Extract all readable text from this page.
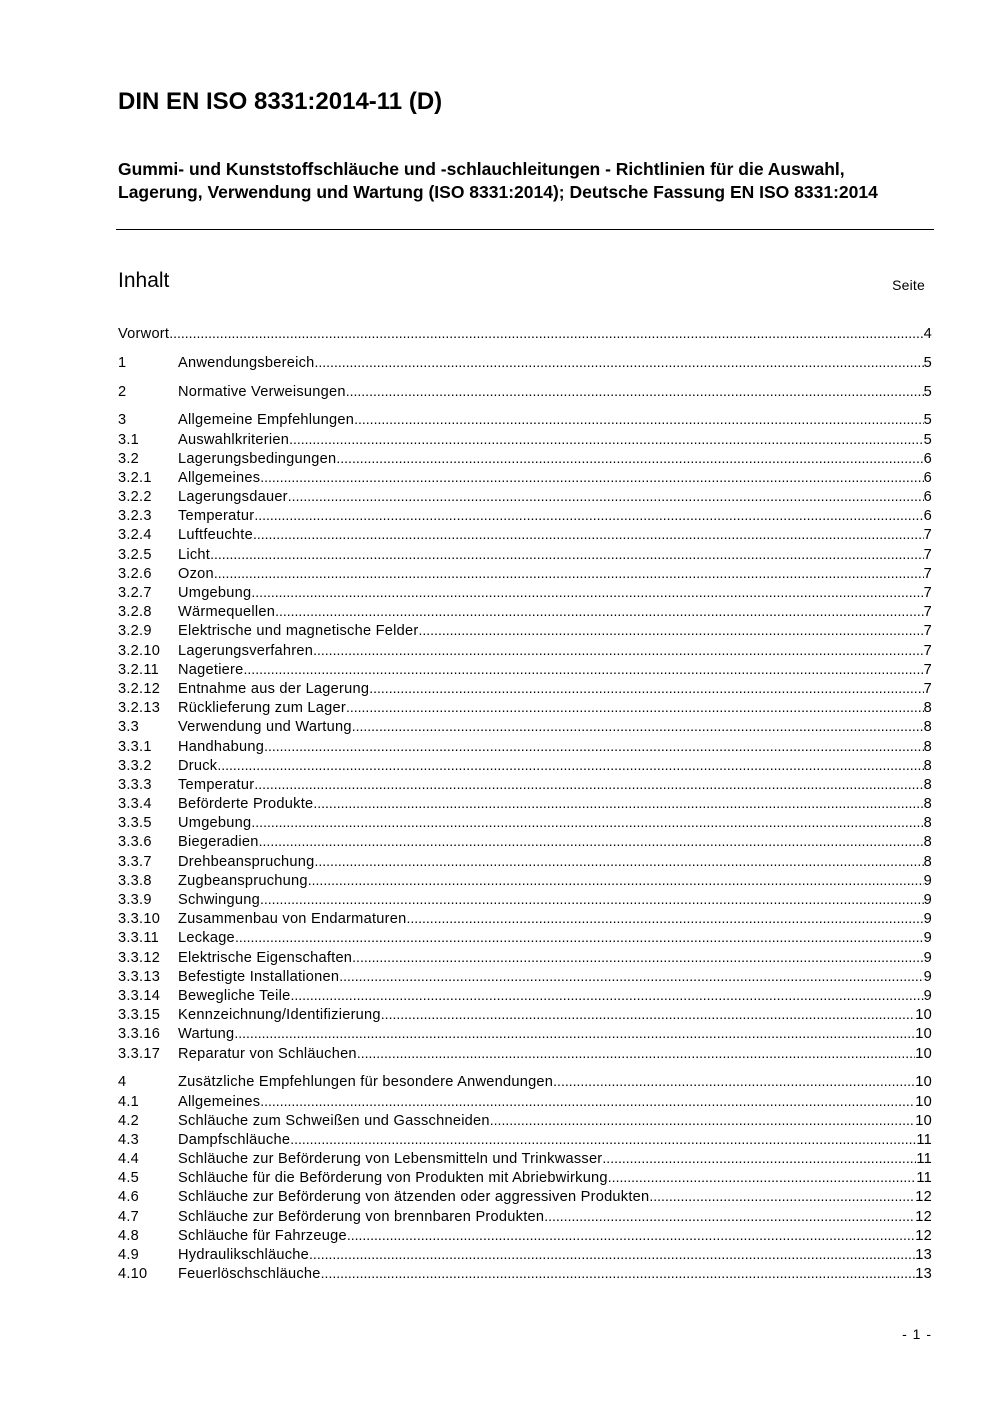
DIN EN ISO 8331:2014-11 (D)
Gummi- und Kunststoffschläuche und -schlauchleitungen - Richtlinien für die Auswahl, Lagerung, Verwendung und Wartung (ISO 8331:2014); Deutsche Fassung EN ISO 8331:2014
Inhalt	Seite
Vorwort .....	4
1	Anwendungsbereich .....	5
2	Normative Verweisungen .....	5
3	Allgemeine Empfehlungen .....	5
3.1	Auswahlkriterien .....	5
3.2	Lagerungsbedingungen .....	6
3.2.1	Allgemeines .....	6
3.2.2	Lagerungsdauer .....	6
3.2.3	Temperatur .....	6
3.2.4	Luftfeuchte .....	7
3.2.5	Licht .....	7
3.2.6	Ozon .....	7
3.2.7	Umgebung .....	7
3.2.8	Wärmequellen .....	7
3.2.9	Elektrische und magnetische Felder .....	7
3.2.10	Lagerungsverfahren .....	7
3.2.11	Nagetiere .....	7
3.2.12	Entnahme aus der Lagerung .....	7
3.2.13	Rücklieferung zum Lager .....	8
3.3	Verwendung und Wartung .....	8
3.3.1	Handhabung .....	8
3.3.2	Druck .....	8
3.3.3	Temperatur .....	8
3.3.4	Beförderte Produkte .....	8
3.3.5	Umgebung .....	8
3.3.6	Biegeradien .....	8
3.3.7	Drehbeanspruchung .....	8
3.3.8	Zugbeanspruchung .....	9
3.3.9	Schwingung .....	9
3.3.10	Zusammenbau von Endarmaturen .....	9
3.3.11	Leckage .....	9
3.3.12	Elektrische Eigenschaften .....	9
3.3.13	Befestigte Installationen .....	9
3.3.14	Bewegliche Teile .....	9
3.3.15	Kennzeichnung/Identifizierung .....	10
3.3.16	Wartung .....	10
3.3.17	Reparatur von Schläuchen .....	10
4	Zusätzliche Empfehlungen für besondere Anwendungen .....	10
4.1	Allgemeines .....	10
4.2	Schläuche zum Schweißen und Gasschneiden .....	10
4.3	Dampfschläuche .....	11
4.4	Schläuche zur Beförderung von Lebensmitteln und Trinkwasser .....	11
4.5	Schläuche für die Beförderung von Produkten mit Abriebwirkung .....	11
4.6	Schläuche zur Beförderung von ätzenden oder aggressiven Produkten .....	12
4.7	Schläuche zur Beförderung von brennbaren Produkten .....	12
4.8	Schläuche für Fahrzeuge .....	12
4.9	Hydraulikschläuche .....	13
4.10	Feuerlöschschläuche .....	13
- 1 -
